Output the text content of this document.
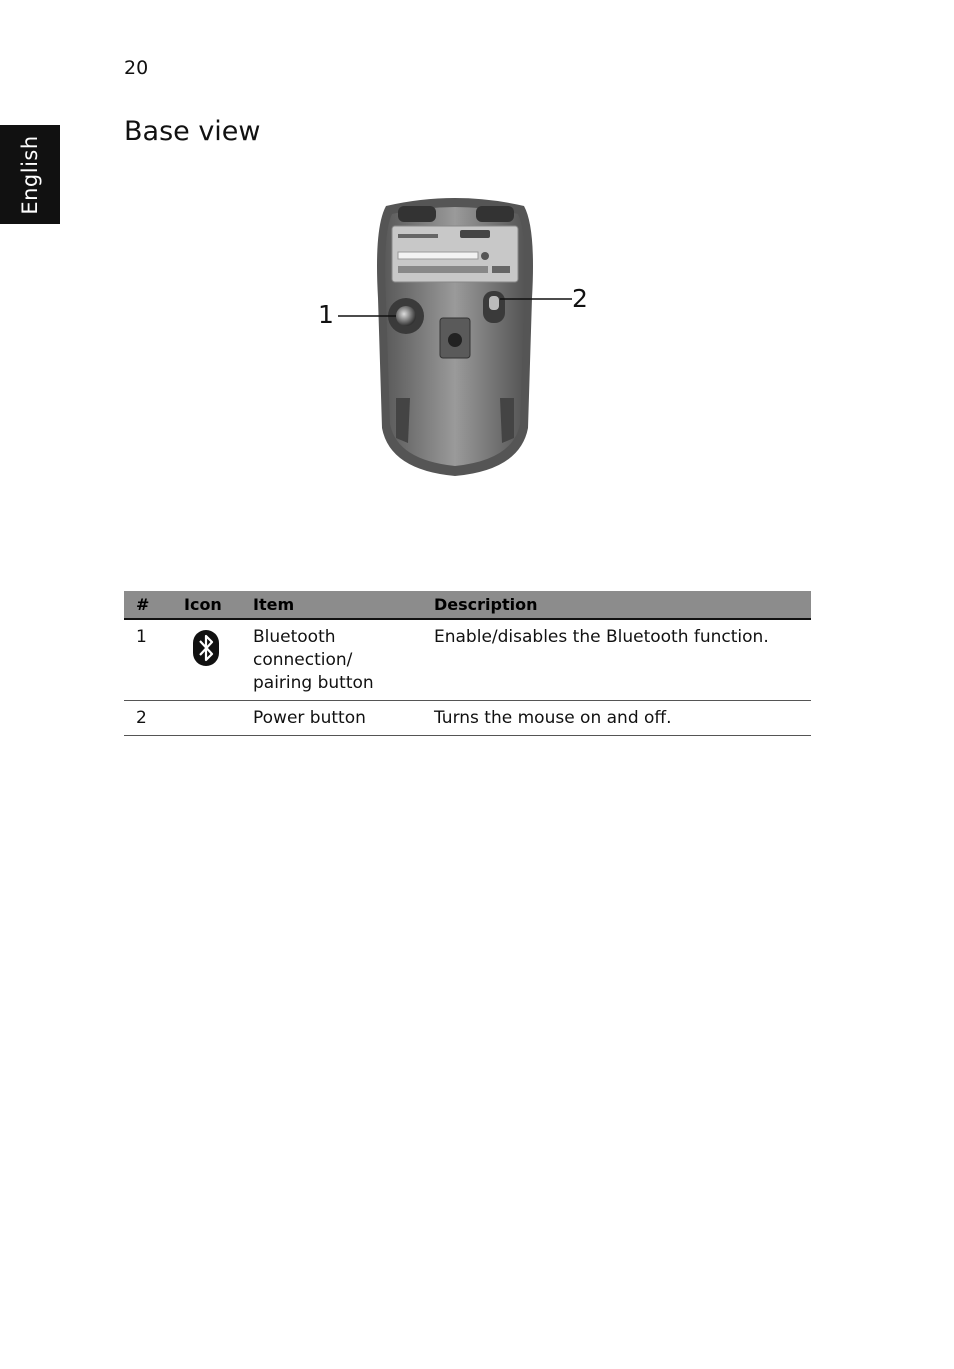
20
English
Base view
1
2
#	Icon	Item	Description
1		Bluetooth
connection/
pairing button	Enable/disables the Bluetooth function.
2		Power button	Turns the mouse on and off.
